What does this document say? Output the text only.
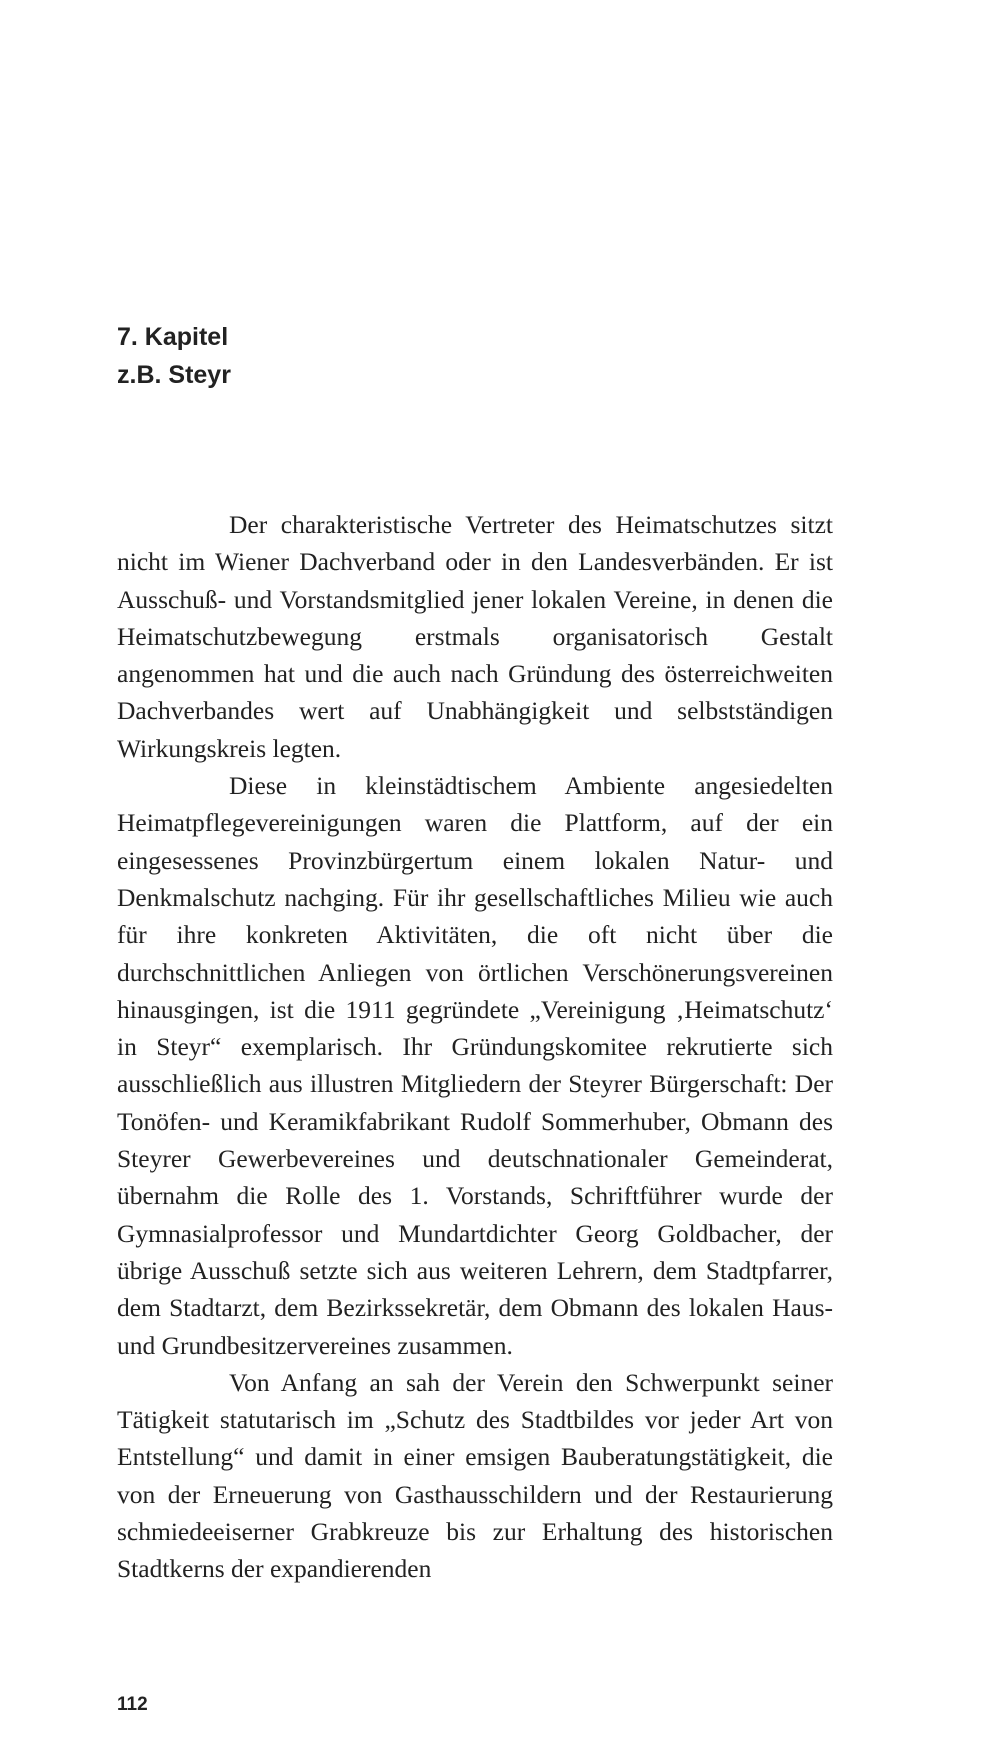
7. Kapitel
z.B. Steyr

Der charakteristische Vertreter des Heimatschutzes sitzt nicht im Wiener Dachverband oder in den Landesverbänden. Er ist Ausschuß- und Vorstandsmitglied jener lokalen Vereine, in denen die Heimatschutzbewegung erstmals organisatorisch Gestalt angenommen hat und die auch nach Gründung des österreichweiten Dachverbandes wert auf Unabhängigkeit und selbstständigen Wirkungskreis legten.

Diese in kleinstädtischem Ambiente angesiedelten Heimatpflegevereinigungen waren die Plattform, auf der ein eingesessenes Provinzbürgertum einem lokalen Natur- und Denkmalschutz nachging. Für ihr gesellschaftliches Milieu wie auch für ihre konkreten Aktivitäten, die oft nicht über die durchschnittlichen Anliegen von örtlichen Verschönerungsvereinen hinausgingen, ist die 1911 gegründete „Vereinigung ‚Heimatschutz‘ in Steyr“ exemplarisch. Ihr Gründungskomitee rekrutierte sich ausschließlich aus illustren Mitgliedern der Steyrer Bürgerschaft: Der Tonöfen- und Keramikfabrikant Rudolf Sommerhuber, Obmann des Steyrer Gewerbevereines und deutschnationaler Gemeinderat, übernahm die Rolle des 1. Vorstands, Schriftführer wurde der Gymnasialprofessor und Mundartdichter Georg Goldbacher, der übrige Ausschuß setzte sich aus weiteren Lehrern, dem Stadtpfarrer, dem Stadtarzt, dem Bezirkssekretär, dem Obmann des lokalen Haus- und Grundbesitzervereines zusammen.

Von Anfang an sah der Verein den Schwerpunkt seiner Tätigkeit statutarisch im „Schutz des Stadtbildes vor jeder Art von Entstellung“ und damit in einer emsigen Bauberatungstätigkeit, die von der Erneuerung von Gasthausschildern und der Restaurierung schmiedeeiserner Grabkreuze bis zur Erhaltung des historischen Stadtkerns der expandierenden

112
